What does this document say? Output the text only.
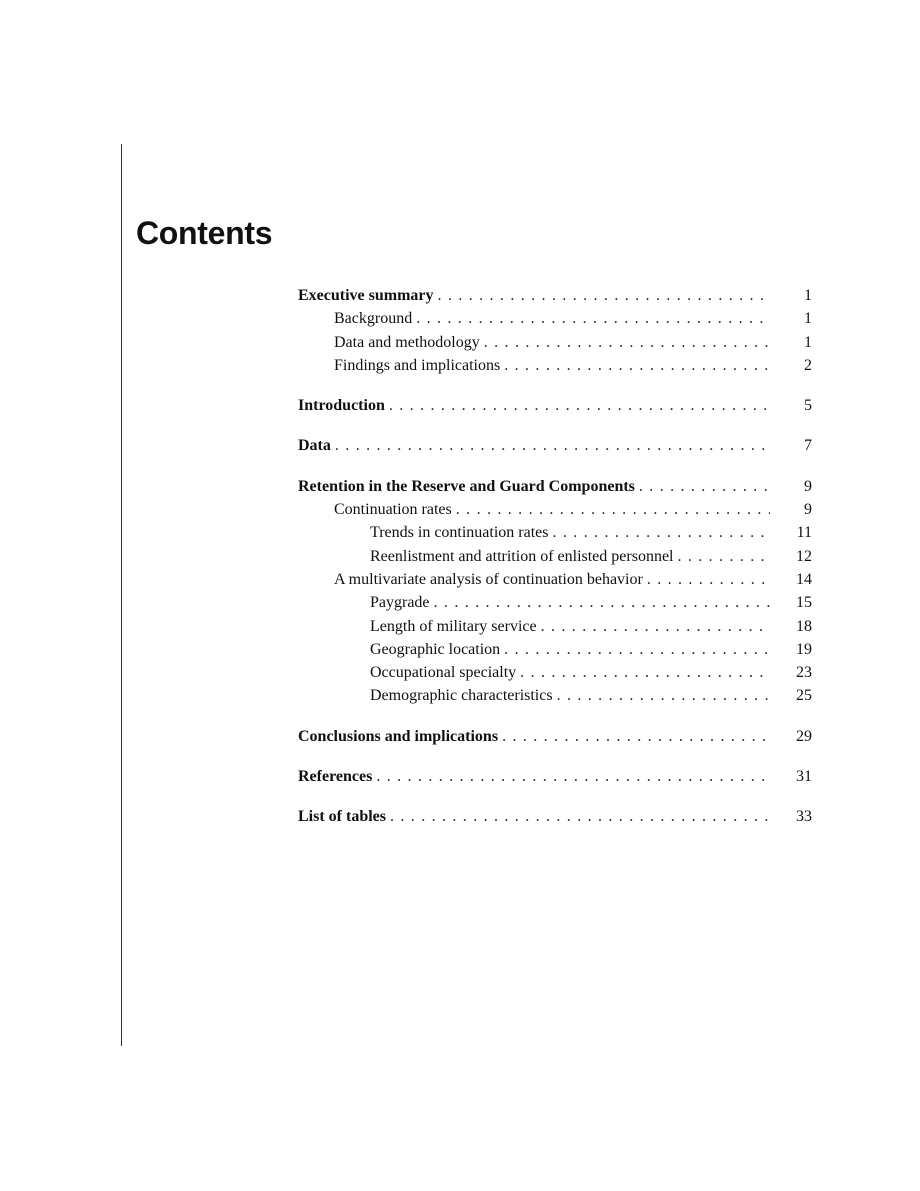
Contents
Executive summary . . .	1
Background . . .	1
Data and methodology . . .	1
Findings and implications . . .	2
Introduction . . .	5
Data . . .	7
Retention in the Reserve and Guard Components . . .	9
Continuation rates . . .	9
Trends in continuation rates . . .	11
Reenlistment and attrition of enlisted personnel . . .	12
A multivariate analysis of continuation behavior . . .	14
Paygrade . . .	15
Length of military service . . .	18
Geographic location . . .	19
Occupational specialty . . .	23
Demographic characteristics . . .	25
Conclusions and implications . . .	29
References . . .	31
List of tables . . .	33
